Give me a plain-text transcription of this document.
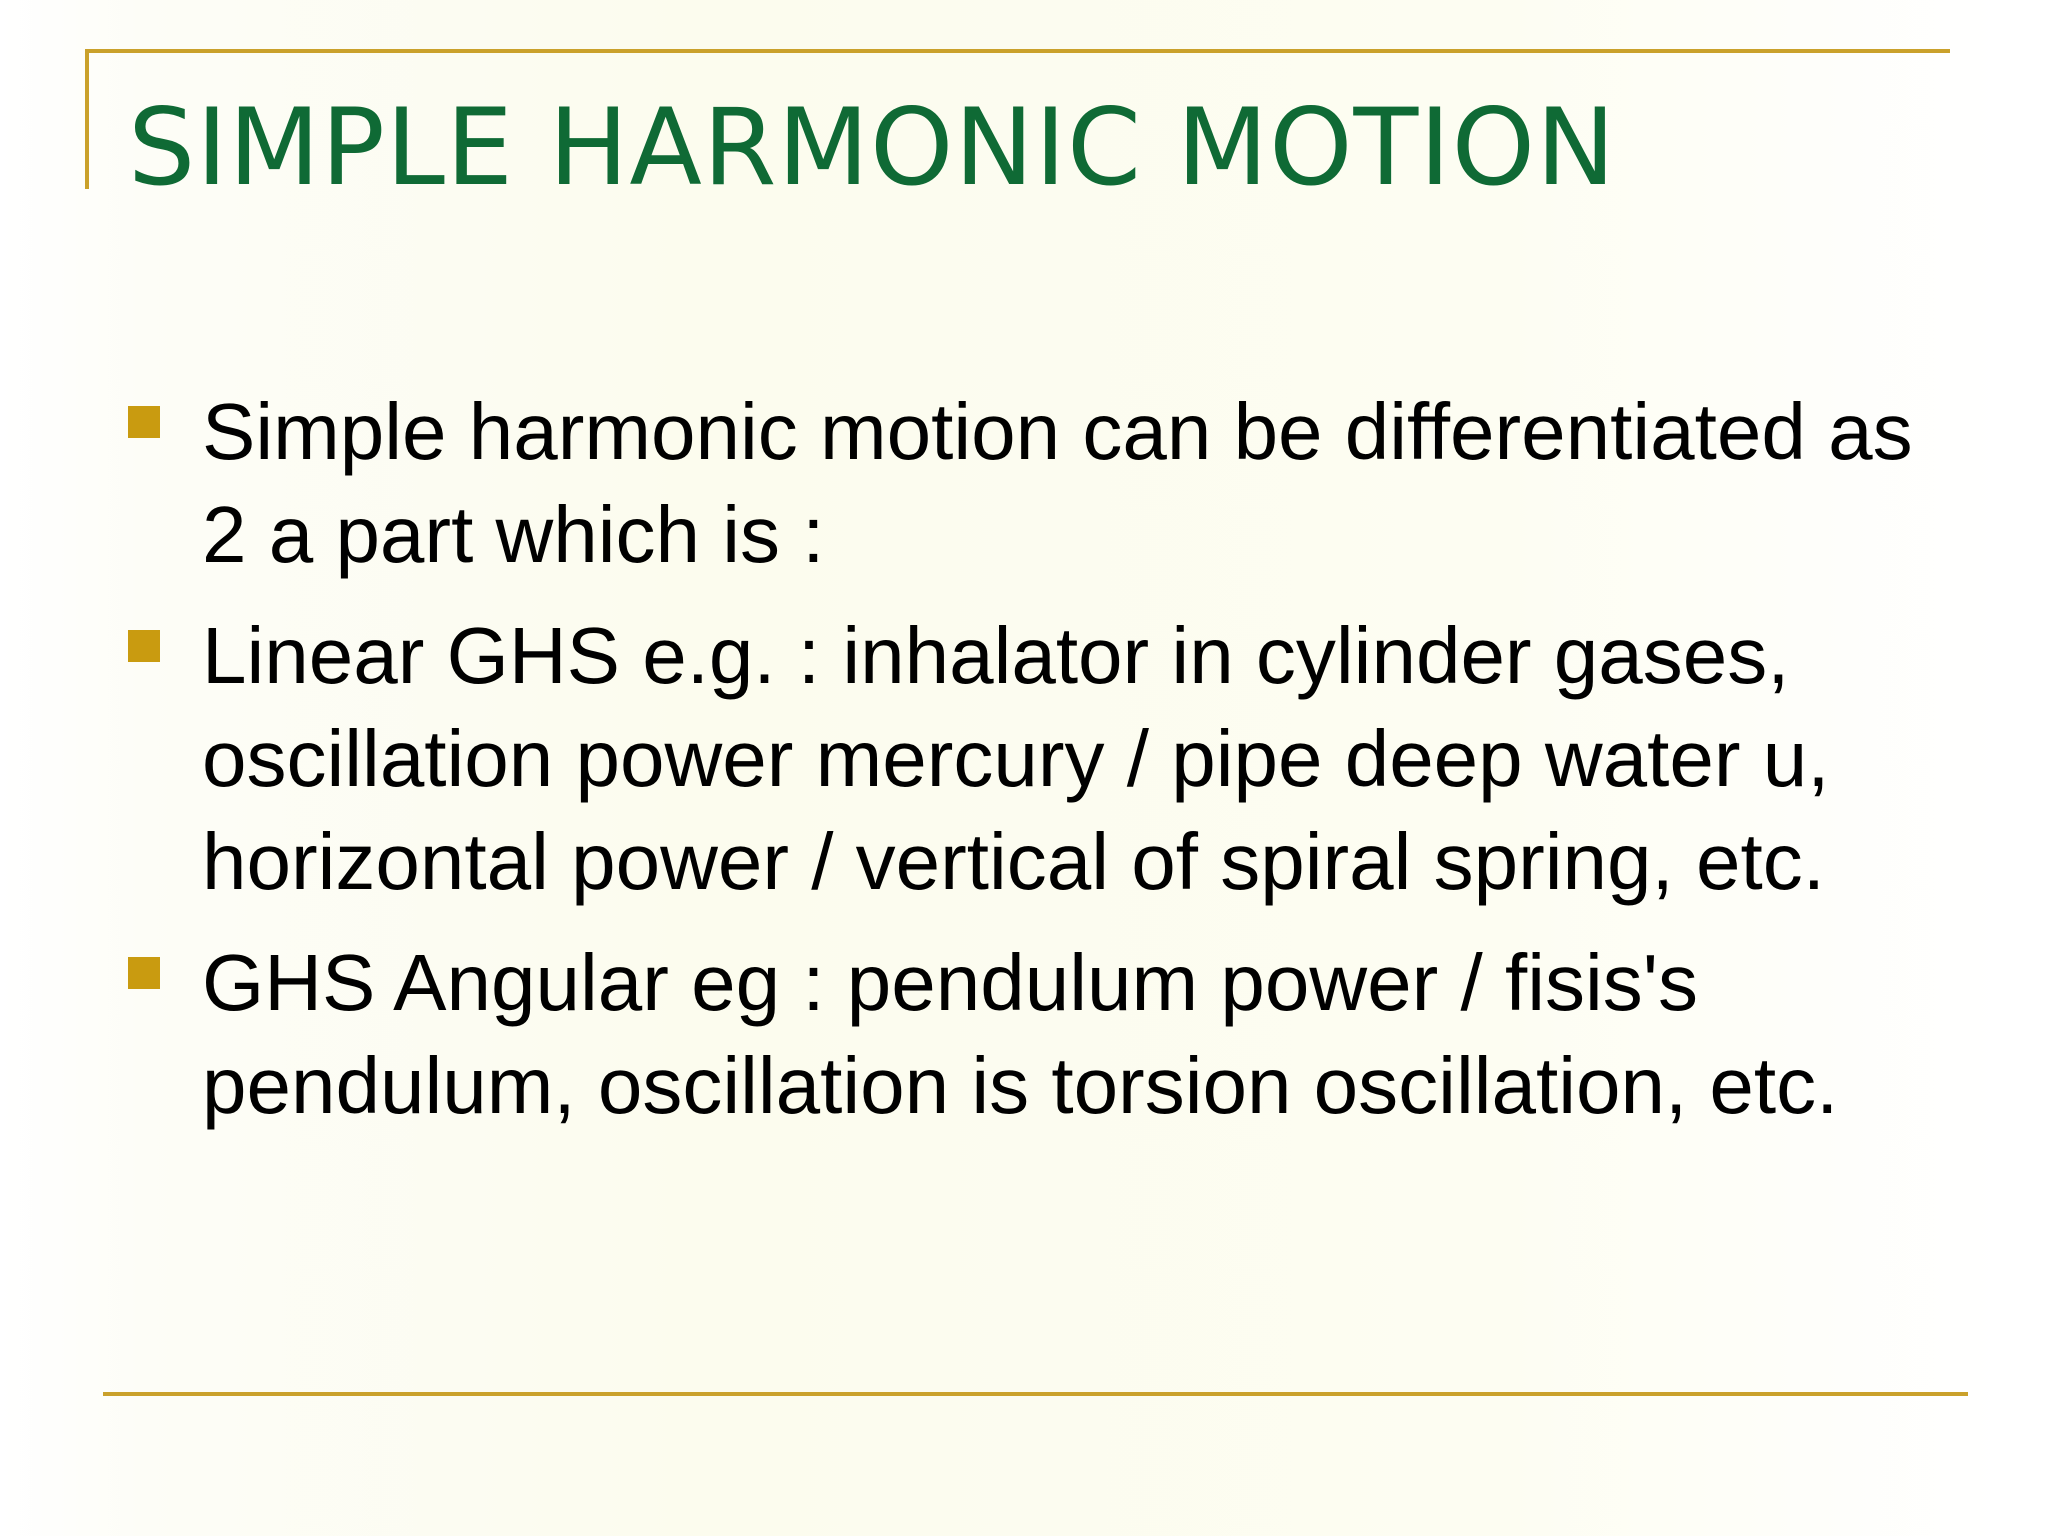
SIMPLE HARMONIC MOTION
Simple harmonic motion can be differentiated as 2 a part which is :
Linear GHS e.g. : inhalator in cylinder gases, oscillation power mercury / pipe deep water u, horizontal power / vertical of spiral spring, etc.
GHS Angular eg : pendulum power / fisis's pendulum, oscillation is torsion oscillation, etc.
